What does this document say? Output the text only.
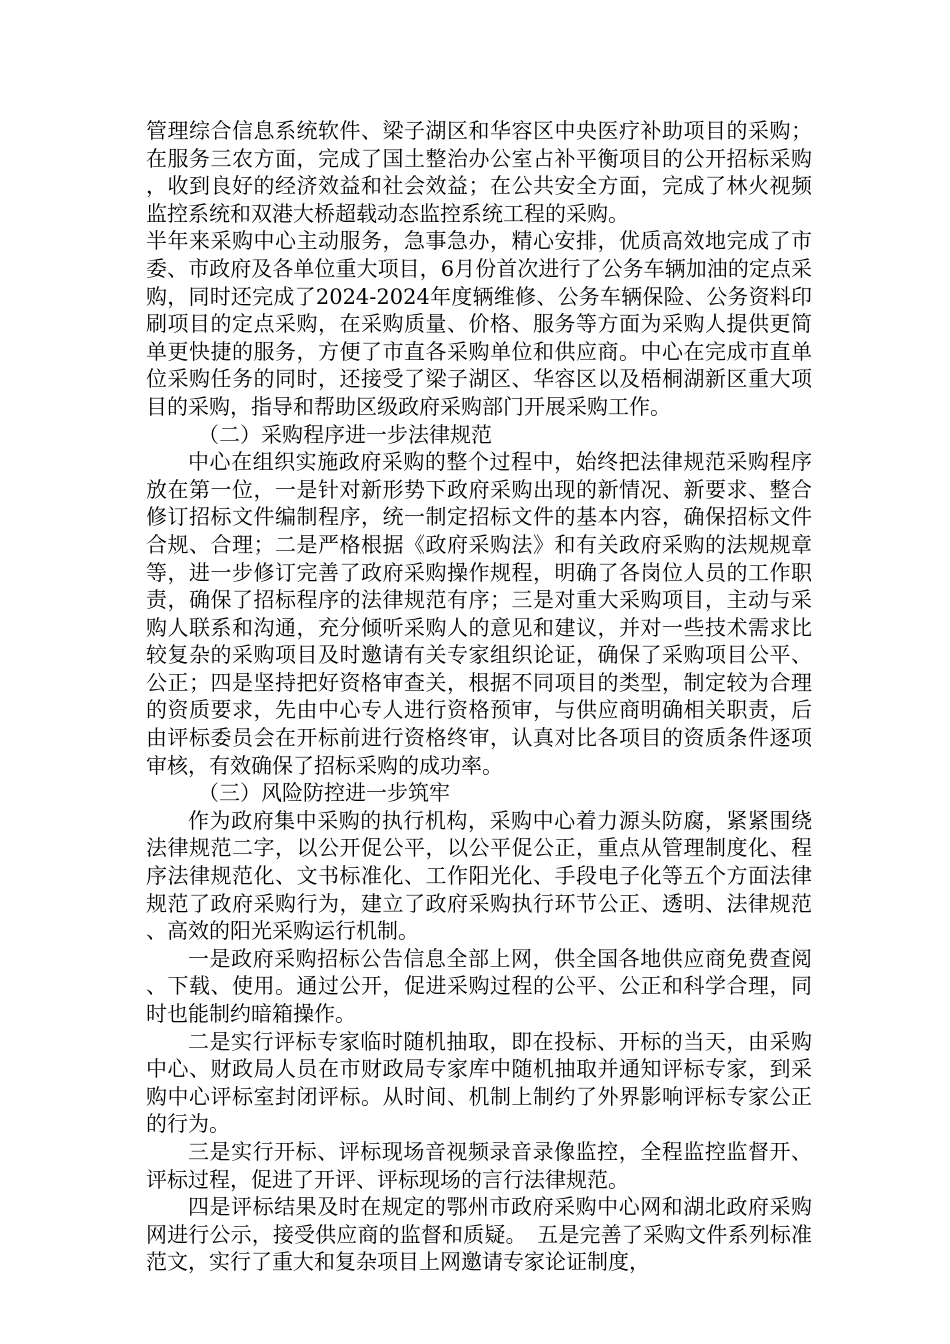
管理综合信息系统软件、梁子湖区和华容区中央医疗补助项目的采购；在服务三农方面，完成了国土整治办公室占补平衡项目的公开招标采购，收到良好的经济效益和社会效益；在公共安全方面，完成了林火视频监控系统和双港大桥超载动态监控系统工程的采购。

半年来采购中心主动服务，急事急办，精心安排，优质高效地完成了市委、市政府及各单位重大项目，6月份首次进行了公务车辆加油的定点采购，同时还完成了2024-2024年度辆维修、公务车辆保险、公务资料印刷项目的定点采购，在采购质量、价格、服务等方面为采购人提供更简单更快捷的服务，方便了市直各采购单位和供应商。中心在完成市直单位采购任务的同时，还接受了梁子湖区、华容区以及梧桐湖新区重大项目的采购，指导和帮助区级政府采购部门开展采购工作。

（二）采购程序进一步法律规范

中心在组织实施政府采购的整个过程中，始终把法律规范采购程序放在第一位，一是针对新形势下政府采购出现的新情况、新要求、整合修订招标文件编制程序，统一制定招标文件的基本内容，确保招标文件合规、合理；二是严格根据《政府采购法》和有关政府采购的法规规章等，进一步修订完善了政府采购操作规程，明确了各岗位人员的工作职责，确保了招标程序的法律规范有序；三是对重大采购项目，主动与采购人联系和沟通，充分倾听采购人的意见和建议，并对一些技术需求比较复杂的采购项目及时邀请有关专家组织论证，确保了采购项目公平、公正；四是坚持把好资格审查关，根据不同项目的类型，制定较为合理的资质要求，先由中心专人进行资格预审，与供应商明确相关职责，后由评标委员会在开标前进行资格终审，认真对比各项目的资质条件逐项审核，有效确保了招标采购的成功率。

（三）风险防控进一步筑牢

作为政府集中采购的执行机构，采购中心着力源头防腐，紧紧围绕法律规范二字，以公开促公平，以公平促公正，重点从管理制度化、程序法律规范化、文书标准化、工作阳光化、手段电子化等五个方面法律规范了政府采购行为，建立了政府采购执行环节公正、透明、法律规范、高效的阳光采购运行机制。

一是政府采购招标公告信息全部上网，供全国各地供应商免费查阅、下载、使用。通过公开，促进采购过程的公平、公正和科学合理，同时也能制约暗箱操作。

二是实行评标专家临时随机抽取，即在投标、开标的当天，由采购中心、财政局人员在市财政局专家库中随机抽取并通知评标专家，到采购中心评标室封闭评标。从时间、机制上制约了外界影响评标专家公正的行为。

三是实行开标、评标现场音视频录音录像监控，全程监控监督开、评标过程，促进了开评、评标现场的言行法律规范。

四是评标结果及时在规定的鄂州市政府采购中心网和湖北政府采购网进行公示，接受供应商的监督和质疑。　五是完善了采购文件系列标准范文，实行了重大和复杂项目上网邀请专家论证制度，
